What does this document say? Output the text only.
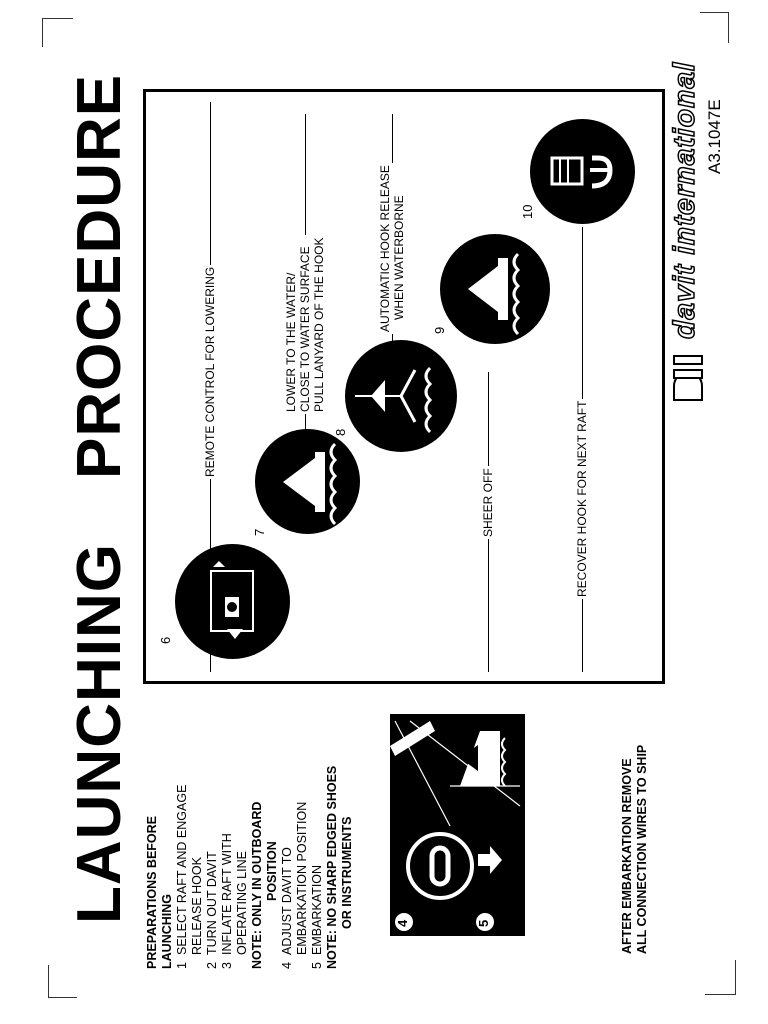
LAUNCHING
PROCEDURE
PREPARATIONS BEFORE LAUNCHING 1SELECT RAFT AND ENGAGE RELEASE HOOK
2TURN OUT DAVIT
3INFLATE RAFT WITH OPERATING LINE NOTE: ONLY IN OUTBOARD POSITION
4ADJUST DAVIT TO EMBARKATION POSITION
5EMBARKATION NOTE: NO SHARP EDGED SHOES OR INSTRUMENTS	4	5	AFTER EMBARKATION REMOVE ALL CONNECTION WIRES TO SHIP
REMOTE CONTROL FOR LOWERING	LOWER TO THE WATER/ CLOSE TO WATER SURFACE PULL LANYARD OF THE HOOK	AUTOMATIC HOOK RELEASE WHEN WATERBORNE
SHEER OFF	RECOVER HOOK FOR NEXT RAFT
6
7
8
9
10	davit international A3.1047E
